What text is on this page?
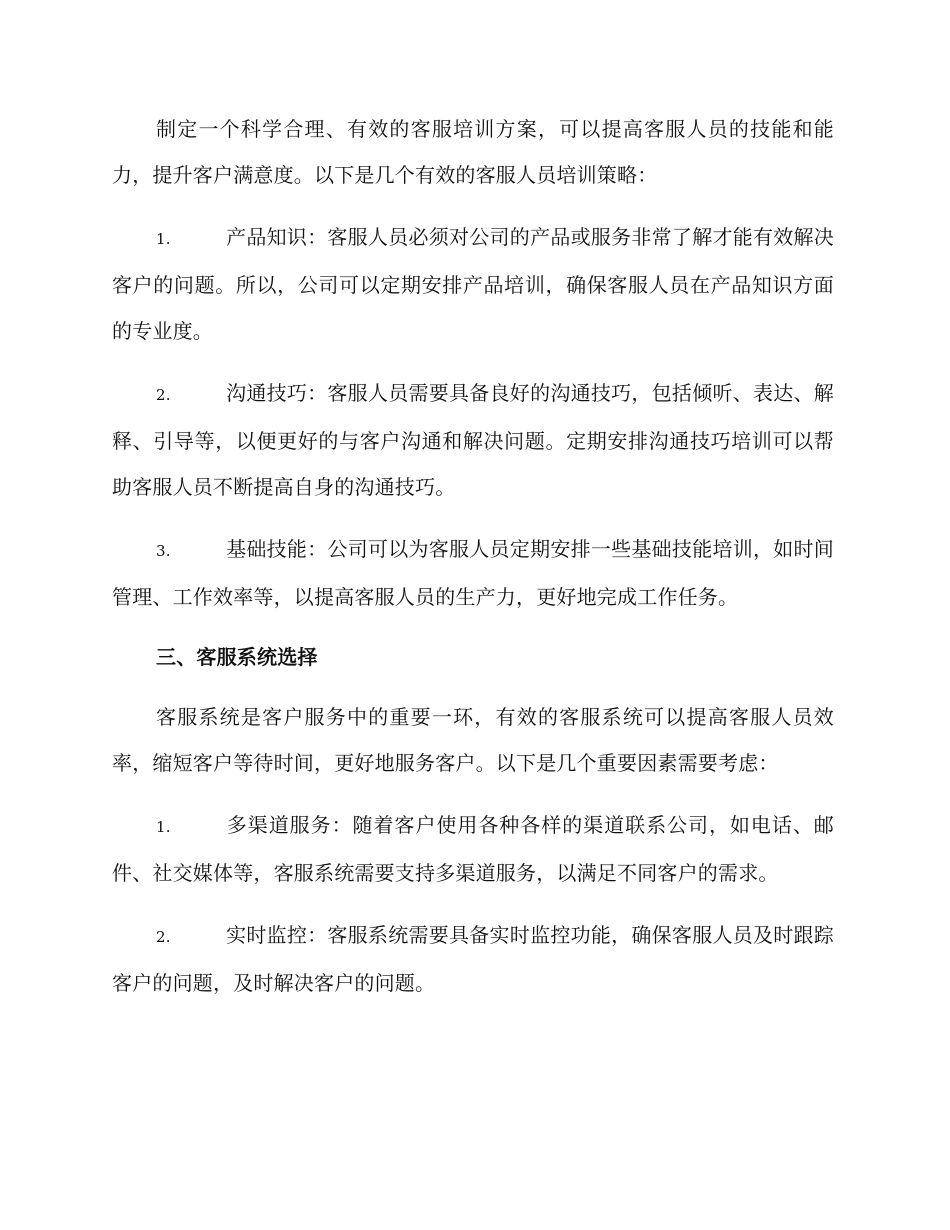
制定一个科学合理、有效的客服培训方案，可以提高客服人员的技能和能力，提升客户满意度。以下是几个有效的客服人员培训策略：

1.	产品知识：客服人员必须对公司的产品或服务非常了解才能有效解决客户的问题。所以，公司可以定期安排产品培训，确保客服人员在产品知识方面的专业度。

2.	沟通技巧：客服人员需要具备良好的沟通技巧，包括倾听、表达、解释、引导等，以便更好的与客户沟通和解决问题。定期安排沟通技巧培训可以帮助客服人员不断提高自身的沟通技巧。

3.	基础技能：公司可以为客服人员定期安排一些基础技能培训，如时间管理、工作效率等，以提高客服人员的生产力，更好地完成工作任务。

三、客服系统选择

客服系统是客户服务中的重要一环，有效的客服系统可以提高客服人员效率，缩短客户等待时间，更好地服务客户。以下是几个重要因素需要考虑：

1.	多渠道服务：随着客户使用各种各样的渠道联系公司，如电话、邮件、社交媒体等，客服系统需要支持多渠道服务，以满足不同客户的需求。

2.	实时监控：客服系统需要具备实时监控功能，确保客服人员及时跟踪客户的问题，及时解决客户的问题。
